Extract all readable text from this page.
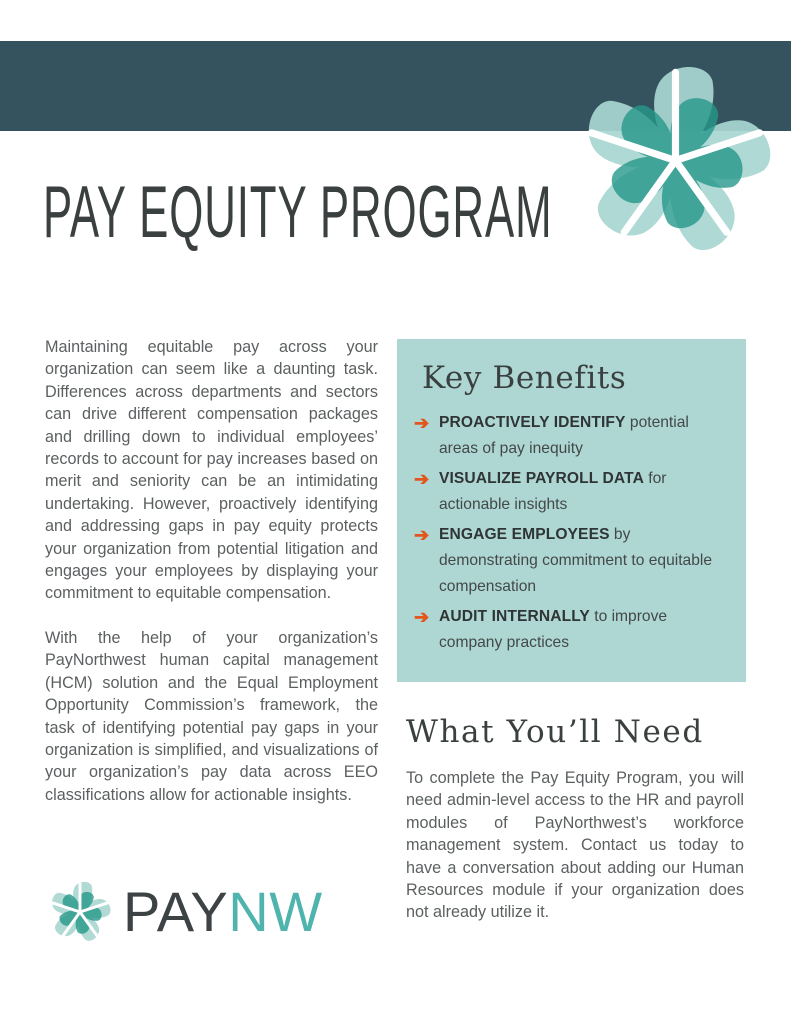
PAY EQUITY PROGRAM

Maintaining equitable pay across your organization can seem like a daunting task. Differences across departments and sectors can drive different compensation packages and drilling down to individual employees’ records to account for pay increases based on merit and seniority can be an intimidating undertaking. However, proactively identifying and addressing gaps in pay equity protects your organization from potential litigation and engages your employees by displaying your commitment to equitable compensation.

With the help of your organization’s PayNorthwest human capital management (HCM) solution and the Equal Employment Opportunity Commission’s framework, the task of identifying potential pay gaps in your organization is simplified, and visualizations of your organization’s pay data across EEO classifications allow for actionable insights.

PAYNW
Key Benefits
➔ PROACTIVELY IDENTIFY potential areas of pay inequity
➔ VISUALIZE PAYROLL DATA for actionable insights
➔ ENGAGE EMPLOYEES by demonstrating commitment to equitable compensation
➔ AUDIT INTERNALLY to improve company practices
What You’ll Need

To complete the Pay Equity Program, you will need admin-level access to the HR and payroll modules of PayNorthwest’s workforce management system. Contact us today to have a conversation about adding our Human Resources module if your organization does not already utilize it.
